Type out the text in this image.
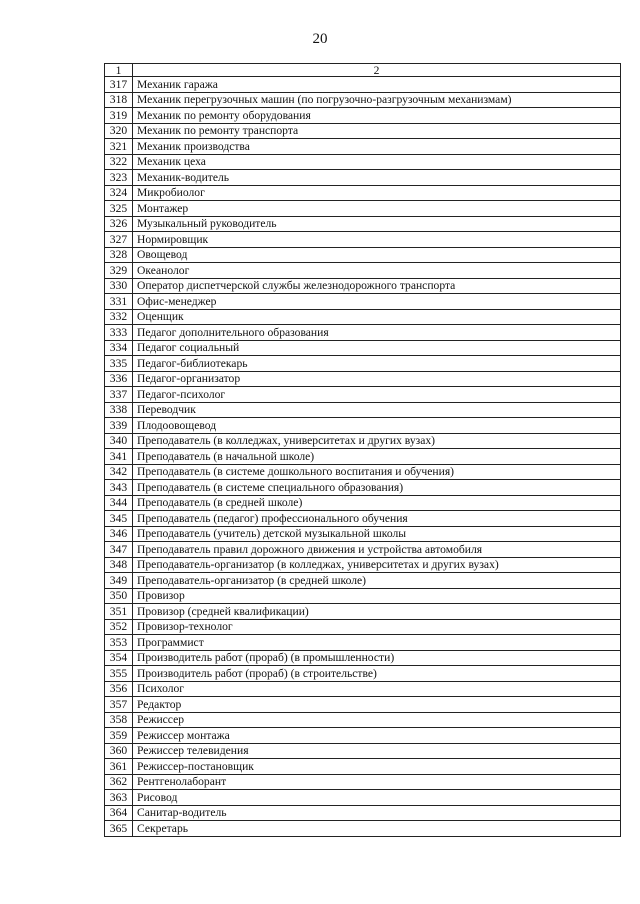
20
1	2
317	Механик гаража
318	Механик перегрузочных машин (по погрузочно-разгрузочным механизмам)
319	Механик по ремонту оборудования
320	Механик по ремонту транспорта
321	Механик производства
322	Механик цеха
323	Механик-водитель
324	Микробиолог
325	Монтажер
326	Музыкальный руководитель
327	Нормировщик
328	Овощевод
329	Океанолог
330	Оператор диспетчерской службы железнодорожного транспорта
331	Офис-менеджер
332	Оценщик
333	Педагог дополнительного образования
334	Педагог социальный
335	Педагог-библиотекарь
336	Педагог-организатор
337	Педагог-психолог
338	Переводчик
339	Плодоовощевод
340	Преподаватель (в колледжах, университетах и других вузах)
341	Преподаватель (в начальной школе)
342	Преподаватель (в системе дошкольного воспитания и обучения)
343	Преподаватель (в системе специального образования)
344	Преподаватель (в средней школе)
345	Преподаватель (педагог) профессионального обучения
346	Преподаватель (учитель) детской музыкальной школы
347	Преподаватель правил дорожного движения и устройства автомобиля
348	Преподаватель-организатор (в колледжах, университетах и других вузах)
349	Преподаватель-организатор (в средней школе)
350	Провизор
351	Провизор (средней квалификации)
352	Провизор-технолог
353	Программист
354	Производитель работ (прораб) (в промышленности)
355	Производитель работ (прораб) (в строительстве)
356	Психолог
357	Редактор
358	Режиссер
359	Режиссер монтажа
360	Режиссер телевидения
361	Режиссер-постановщик
362	Рентгенолаборант
363	Рисовод
364	Санитар-водитель
365	Секретарь
